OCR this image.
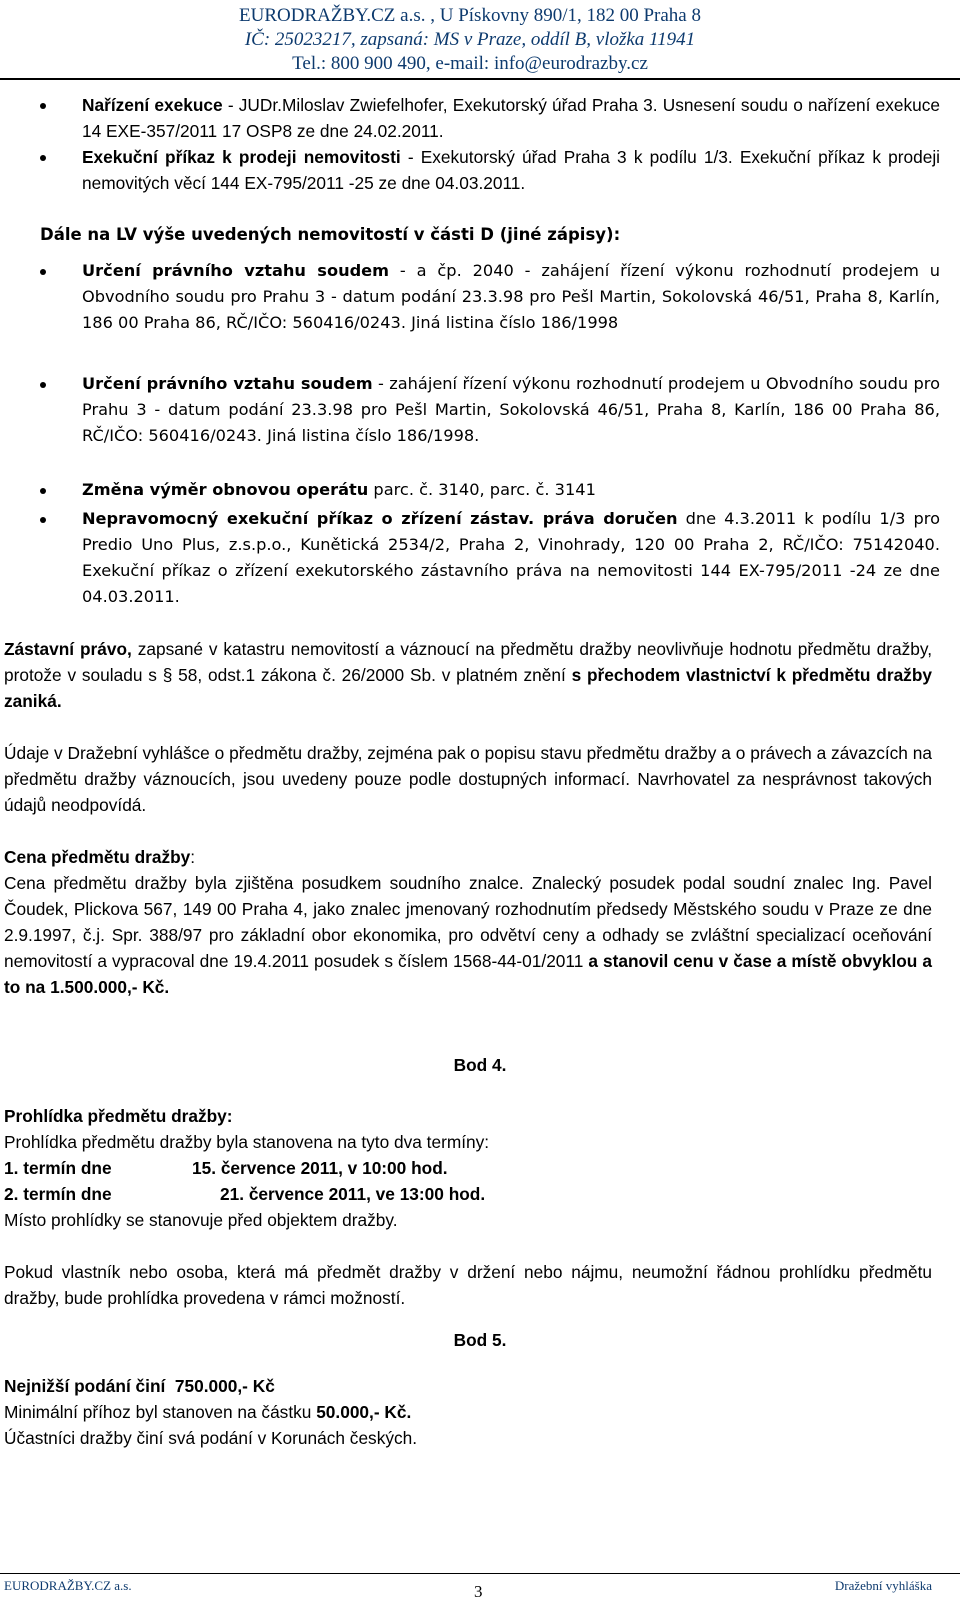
EURODRAŽBY.CZ a.s. , U Pískovny 890/1, 182 00 Praha 8
IČ: 25023217, zapsaná: MS v Praze, oddíl B, vložka 11941
Tel.: 800 900 490, e-mail: info@eurodrazby.cz
Nařízení exekuce - JUDr.Miloslav Zwiefelhofer, Exekutorský úřad Praha 3. Usnesení soudu o nařízení exekuce 14 EXE-357/2011 17 OSP8 ze dne 24.02.2011.
Exekuční příkaz k prodeji nemovitosti - Exekutorský úřad Praha 3 k podílu 1/3. Exekuční příkaz k prodeji nemovitých věcí 144 EX-795/2011 -25 ze dne 04.03.2011.
Dále na LV výše uvedených nemovitostí v části D (jiné zápisy):
Určení právního vztahu soudem - a čp. 2040 - zahájení řízení výkonu rozhodnutí prodejem u Obvodního soudu pro Prahu 3 - datum podání 23.3.98 pro Pešl Martin, Sokolovská 46/51, Praha 8, Karlín, 186 00 Praha 86, RČ/IČO: 560416/0243. Jiná listina číslo 186/1998
Určení právního vztahu soudem - zahájení řízení výkonu rozhodnutí prodejem u Obvodního soudu pro Prahu 3 - datum podání 23.3.98 pro Pešl Martin, Sokolovská 46/51, Praha 8, Karlín, 186 00 Praha 86, RČ/IČO: 560416/0243. Jiná listina číslo 186/1998.
Změna výměr obnovou operátu parc. č. 3140, parc. č. 3141
Nepravomocný exekuční příkaz o zřízení zástav. práva doručen dne 4.3.2011 k podílu 1/3 pro Predio Uno Plus, z.s.p.o., Kunětická 2534/2, Praha 2, Vinohrady, 120 00 Praha 2, RČ/IČO: 75142040. Exekuční příkaz o zřízení exekutorského zástavního práva na nemovitosti 144 EX-795/2011 -24 ze dne 04.03.2011.
Zástavní právo, zapsané v katastru nemovitostí a váznoucí na předmětu dražby neovlivňuje hodnotu předmětu dražby, protože v souladu s § 58, odst.1 zákona č. 26/2000 Sb. v platném znění s přechodem vlastnictví k předmětu dražby zaniká.
Údaje v Dražební vyhlášce o předmětu dražby, zejména pak o popisu stavu předmětu dražby a o právech a závazcích na předmětu dražby váznoucích, jsou uvedeny pouze podle dostupných informací. Navrhovatel za nesprávnost takových údajů neodpovídá.
Cena předmětu dražby:
Cena předmětu dražby byla zjištěna posudkem soudního znalce. Znalecký posudek podal soudní znalec Ing. Pavel Čoudek, Plickova 567, 149 00 Praha 4, jako znalec jmenovaný rozhodnutím předsedy Městského soudu v Praze ze dne 2.9.1997, č.j. Spr. 388/97 pro základní obor ekonomika, pro odvětví ceny a odhady se zvláštní specializací oceňování nemovitostí a vypracoval dne 19.4.2011 posudek s číslem 1568-44-01/2011 a stanovil cenu v čase a místě obvyklou a to na 1.500.000,- Kč.
Bod 4.
Prohlídka předmětu dražby:
Prohlídka předmětu dražby byla stanovena na tyto dva termíny:
1. termín dne	15. července 2011, v 10:00 hod.
2. termín dne	21. července 2011, ve 13:00 hod.
Místo prohlídky se stanovuje před objektem dražby.
Pokud vlastník nebo osoba, která má předmět dražby v držení nebo nájmu, neumožní řádnou prohlídku předmětu dražby, bude prohlídka provedena v rámci možností.
Bod 5.
Nejnižší podání činí  750.000,- Kč
Minimální příhoz byl stanoven na částku 50.000,- Kč.
Účastníci dražby činí svá podání v Korunách českých.
EURODRAŽBY.CZ a.s.	3	Dražební vyhláška
